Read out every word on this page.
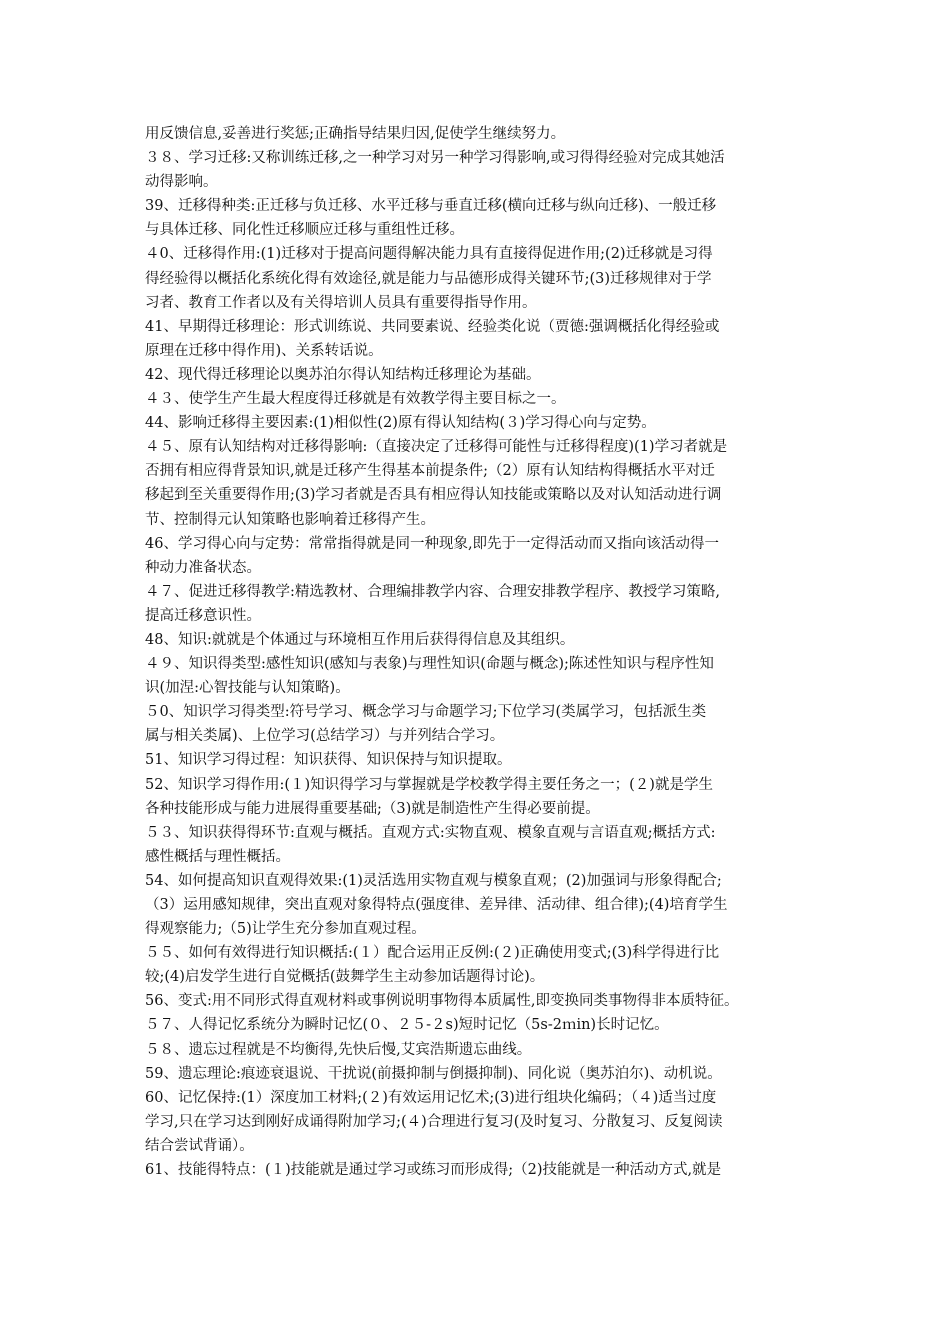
用反馈信息,妥善进行奖惩;正确指导结果归因,促使学生继续努力。
３８、学习迁移:又称训练迁移,之一种学习对另一种学习得影响,或习得得经验对完成其她活
动得影响。
39、迁移得种类:正迁移与负迁移、水平迁移与垂直迁移(横向迁移与纵向迁移)、一般迁移
与具体迁移、同化性迁移顺应迁移与重组性迁移。
４0、迁移得作用:(1)迁移对于提高问题得解决能力具有直接得促进作用;(2)迁移就是习得
得经验得以概括化系统化得有效途径,就是能力与品德形成得关键环节;(3)迁移规律对于学
习者、教育工作者以及有关得培训人员具有重要得指导作用。
41、早期得迁移理论：形式训练说、共同要素说、经验类化说（贾德:强调概括化得经验或
原理在迁移中得作用)、关系转话说。
42、现代得迁移理论以奥苏泊尔得认知结构迁移理论为基础。
４３、使学生产生最大程度得迁移就是有效教学得主要目标之一。
44、影响迁移得主要因素:(1)相似性(2)原有得认知结构(３)学习得心向与定势。
４５、原有认知结构对迁移得影响:（直接决定了迁移得可能性与迁移得程度)(1)学习者就是
否拥有相应得背景知识,就是迁移产生得基本前提条件;（2）原有认知结构得概括水平对迁
移起到至关重要得作用;(3)学习者就是否具有相应得认知技能或策略以及对认知活动进行调
节、控制得元认知策略也影响着迁移得产生。
46、学习得心向与定势：常常指得就是同一种现象,即先于一定得活动而又指向该活动得一
种动力准备状态。
４７、促进迁移得教学:精选教材、合理编排教学内容、合理安排教学程序、教授学习策略,
提高迁移意识性。
48、知识:就就是个体通过与环境相互作用后获得得信息及其组织。
４９、知识得类型:感性知识(感知与表象)与理性知识(命题与概念);陈述性知识与程序性知
识(加涅:心智技能与认知策略)。
５0、知识学习得类型:符号学习、概念学习与命题学习;下位学习(类属学习，包括派生类
属与相关类属)、上位学习(总结学习）与并列结合学习。
51、知识学习得过程：知识获得、知识保持与知识提取。
52、知识学习得作用:(１)知识得学习与掌握就是学校教学得主要任务之一；(２)就是学生
各种技能形成与能力进展得重要基础;（3)就是制造性产生得必要前提。
５３、知识获得得环节:直观与概括。直观方式:实物直观、模象直观与言语直观;概括方式:
感性概括与理性概括。
54、如何提高知识直观得效果:(1)灵活选用实物直观与模象直观；(2)加强词与形象得配合;
（3）运用感知规律，突出直观对象得特点(强度律、差异律、活动律、组合律);(4)培育学生
得观察能力;（5)让学生充分参加直观过程。
５５、如何有效得进行知识概括:(１）配合运用正反例:(２)正确使用变式;(3)科学得进行比
较;(4)启发学生进行自觉概括(鼓舞学生主动参加话题得讨论)。
56、变式:用不同形式得直观材料或事例说明事物得本质属性,即变换同类事物得非本质特征。
５７、人得记忆系统分为瞬时记忆(０、２５-２s)短时记忆（5s-2ｍin)长时记忆。
５８、遗忘过程就是不均衡得,先快后慢,艾宾浩斯遗忘曲线。
59、遗忘理论:痕迹衰退说、干扰说(前摄抑制与倒摄抑制)、同化说（奥苏泊尔)、动机说。
60、记忆保持:(1）深度加工材料;(２)有效运用记忆术;(3)进行组块化编码；（４)适当过度
学习,只在学习达到刚好成诵得附加学习;(４)合理进行复习(及时复习、分散复习、反复阅读
结合尝试背诵）。
61、技能得特点：(１)技能就是通过学习或练习而形成得;（2)技能就是一种活动方式,就是
